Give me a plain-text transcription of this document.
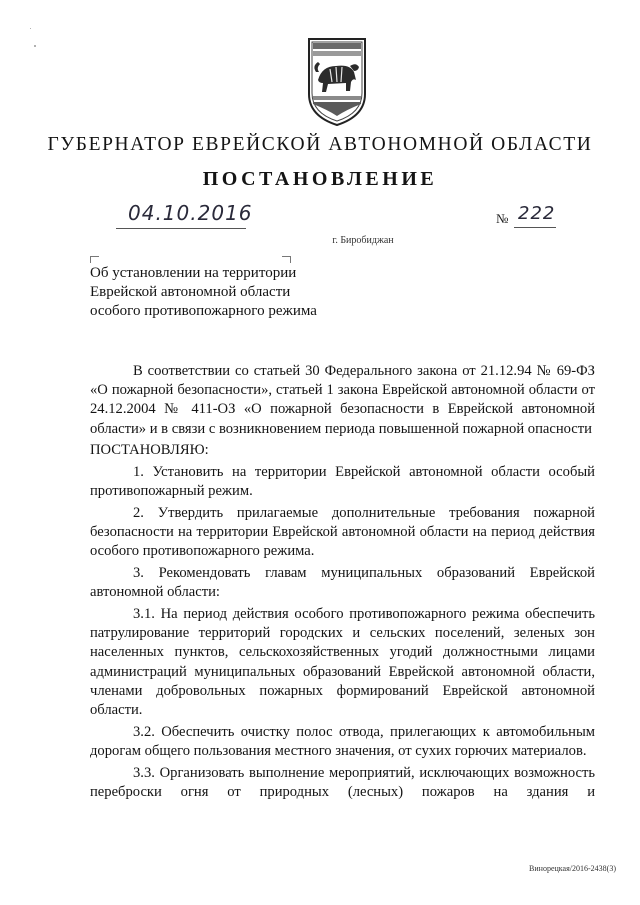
ГУБЕРНАТОР ЕВРЕЙСКОЙ АВТОНОМНОЙ ОБЛАСТИ
ПОСТАНОВЛЕНИЕ
04.10.2016	№ 222
г. Биробиджан
Об установлении на территории
Еврейской автономной области
особого противопожарного режима

В соответствии со статьей 30 Федерального закона от 21.12.94 № 69-ФЗ «О пожарной безопасности», статьей 1 закона Еврейской автономной области от 24.12.2004 № 411-ОЗ «О пожарной безопасности в Еврейской автономной области» и в связи с возникновением периода повышенной пожарной опасности

ПОСТАНОВЛЯЮ:

1. Установить на территории Еврейской автономной области особый противопожарный режим.

2. Утвердить прилагаемые дополнительные требования пожарной безопасности на территории Еврейской автономной области на период действия особого противопожарного режима.

3. Рекомендовать главам муниципальных образований Еврейской автономной области:

3.1. На период действия особого противопожарного режима обеспечить патрулирование территорий городских и сельских поселений, зеленых зон населенных пунктов, сельскохозяйственных угодий должностными лицами администраций муниципальных образований Еврейской автономной области, членами добровольных пожарных формирований Еврейской автономной области.

3.2. Обеспечить очистку полос отвода, прилегающих к автомобильным дорогам общего пользования местного значения, от сухих горючих материалов.

3.3. Организовать выполнение мероприятий, исключающих возможность переброски огня от природных (лесных) пожаров на здания и

Винорецкая/2016-2438(3)
